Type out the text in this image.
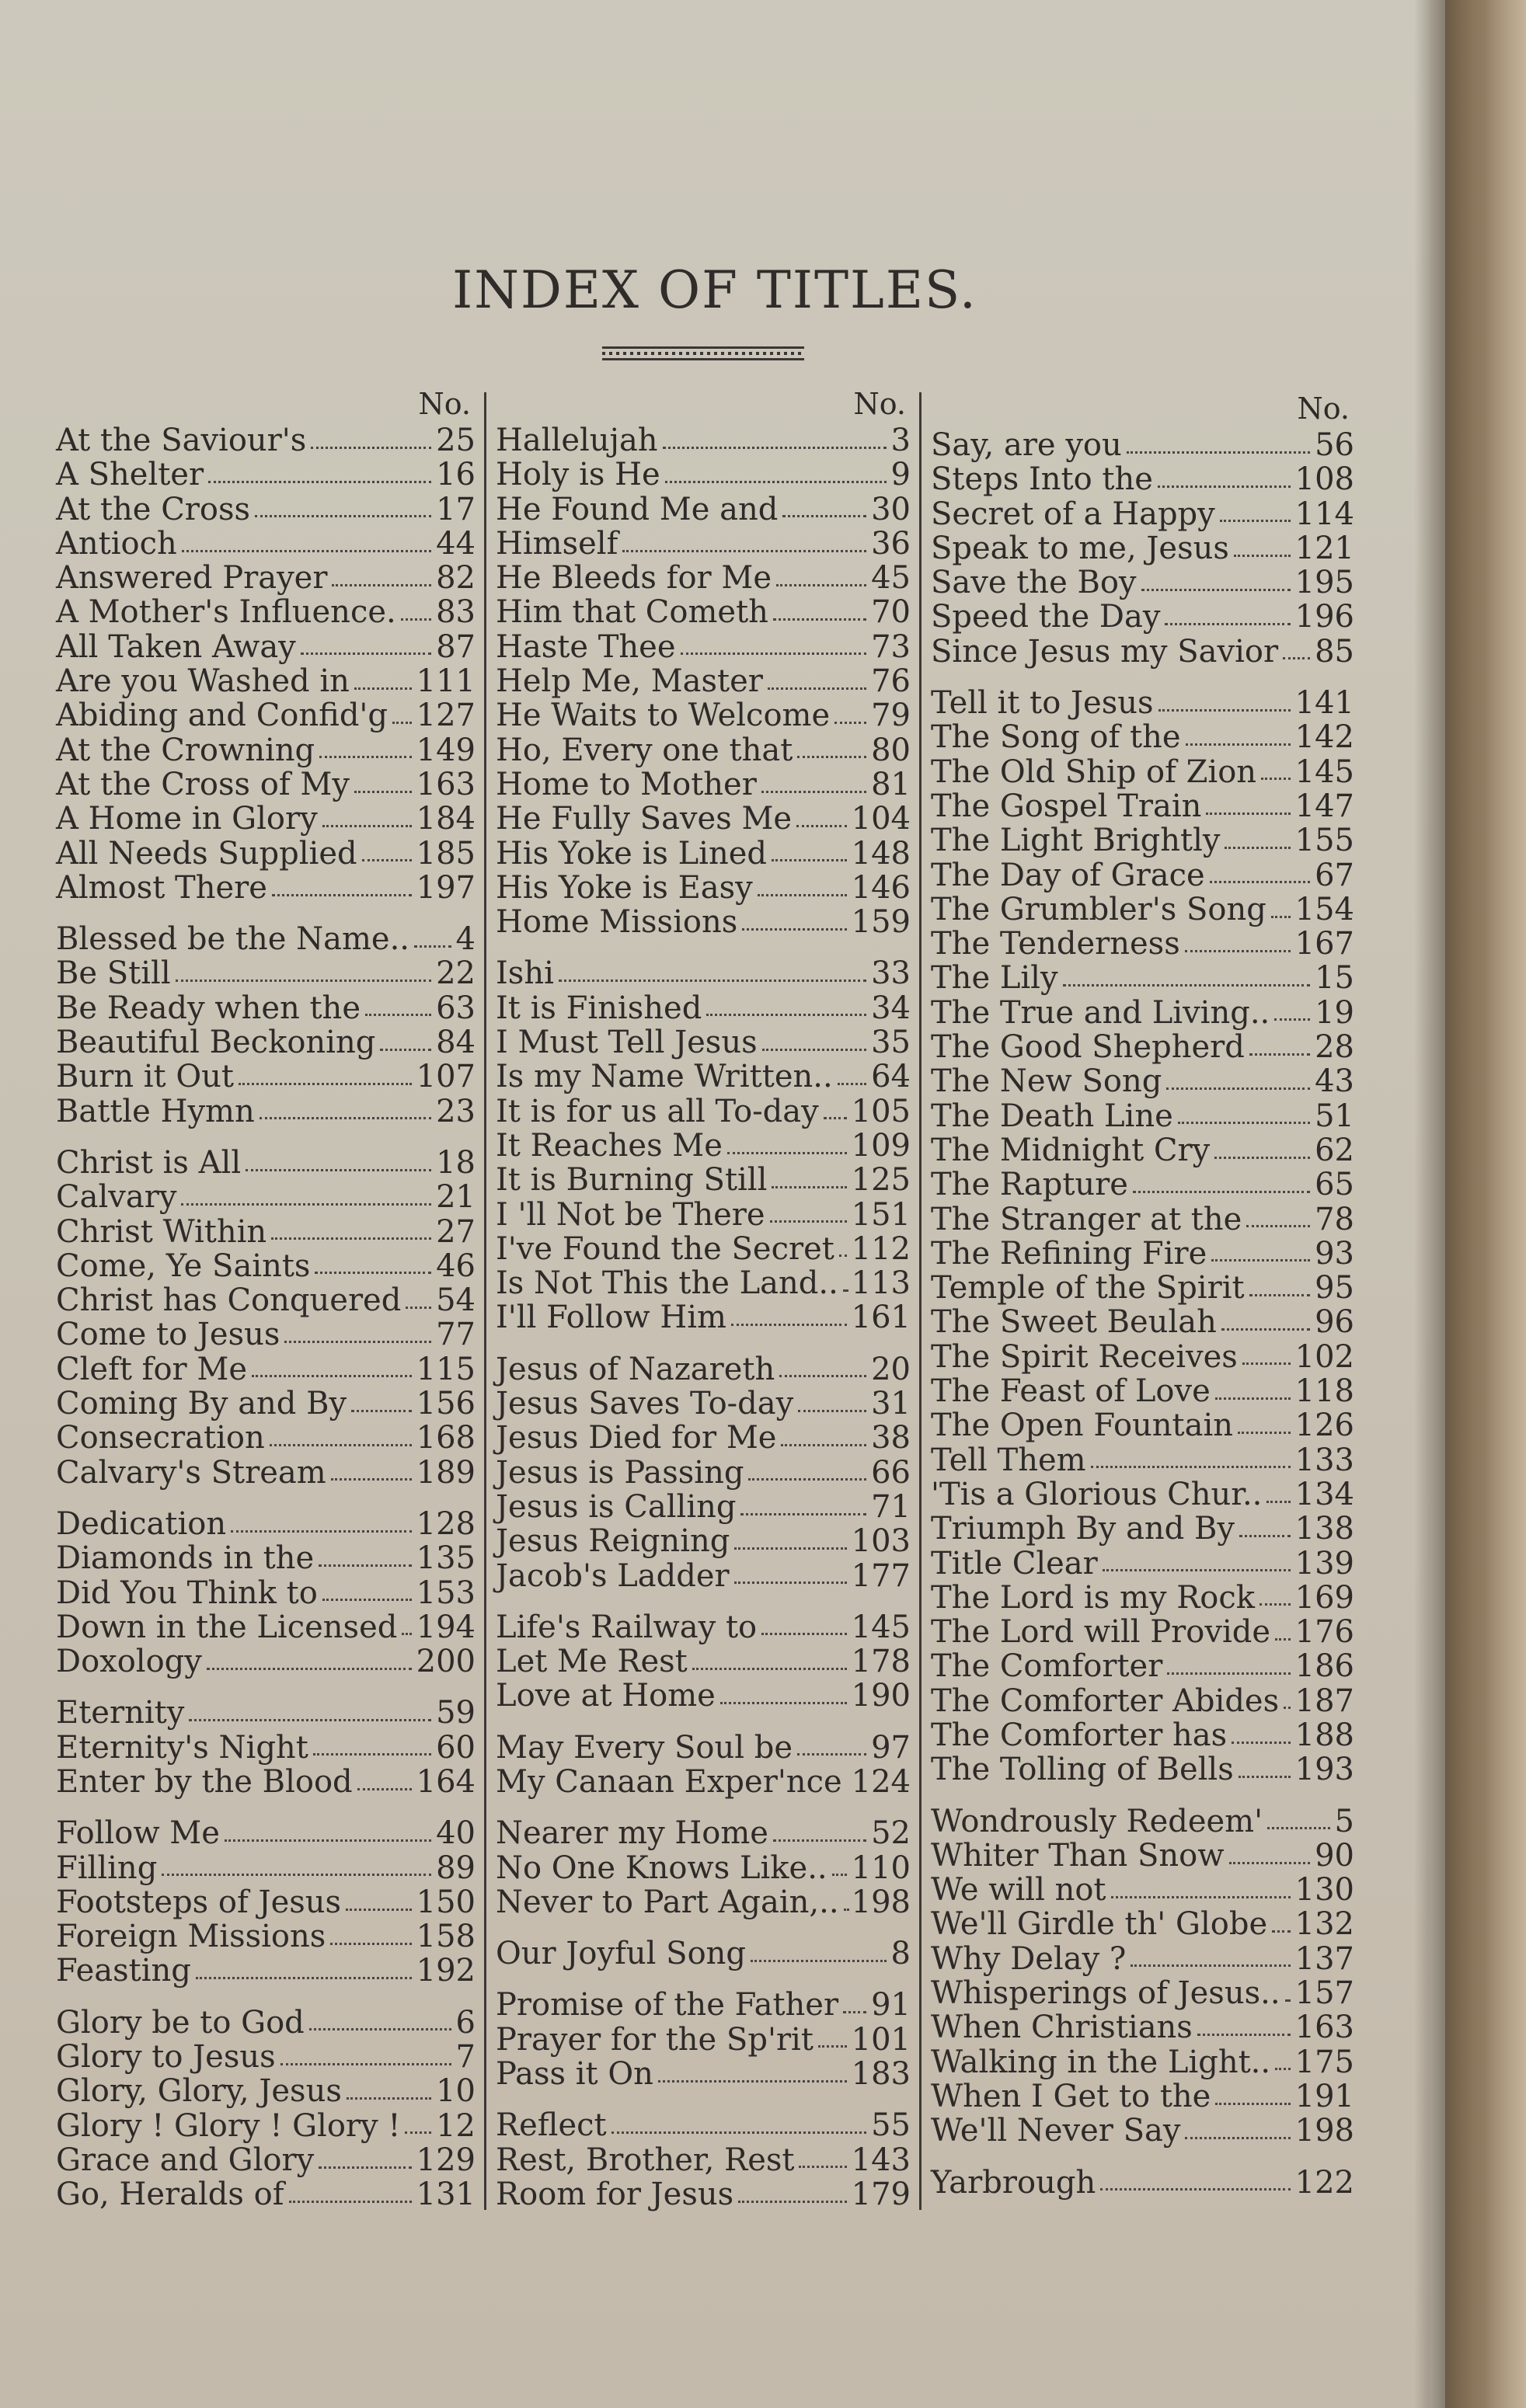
INDEX OF TITLES.
No.
At the Saviour's	25
A Shelter	16
At the Cross	17
Antioch	44
Answered Prayer	82
A Mother's Influence. 83
All Taken Away	87
Are you Washed in 111
Abiding and Confid'g 127
At the Crowning	149
At the Cross of My 163
A Home in Glory	184
All Needs Supplied 185
Almost There	197
Blessed be the Name.. 4
Be Still	22
Be Ready when the 63
Beautiful Beckoning 84
Burn it Out	107
Battle Hymn	23
Christ is All	18
Calvary	21
Christ Within	27
Come, Ye Saints	46
Christ has Conquered 54
Come to Jesus	77
Cleft for Me	115
Coming By and By 156
Consecration	168
Calvary's Stream	189
Dedication	128
Diamonds in the	135
Did You Think to	153
Down in the Licensed 194
Doxology	200
Eternity	59
Eternity's Night	60
Enter by the Blood 164
Follow Me	40
Filling	89
Footsteps of Jesus 150
Foreign Missions	158
Feasting	192
Glory be to God	6
Glory to Jesus	7
Glory, Glory, Jesus	10
Glory ! Glory ! Glory ! 12
Grace and Glory	129
Go, Heralds of	131
No.
Hallelujah	3
Holy is He	9
He Found Me and	30
Himself	36
He Bleeds for Me	45
Him that Cometh	70
Haste Thee	73
Help Me, Master	76
He Waits to Welcome 79
Ho, Every one that	80
Home to Mother	81
He Fully Saves Me 104
His Yoke is Lined	148
His Yoke is Easy	146
Home Missions	159
Ishi	33
It is Finished	34
I Must Tell Jesus	35
Is my Name Written.. 64
It is for us all To-day 105
It Reaches Me	109
It is Burning Still	125
I 'll Not be There	151
I've Found the Secret 112
Is Not This the Land.. 113
I'll Follow Him	161
Jesus of Nazareth	20
Jesus Saves To-day 31
Jesus Died for Me	38
Jesus is Passing	66
Jesus is Calling	71
Jesus Reigning	103
Jacob's Ladder	177
Life's Railway to	145
Let Me Rest	178
Love at Home	190
May Every Soul be	97
My Canaan Exper'nce 124
Nearer my Home	52
No One Knows Like.. 110
Never to Part Again,.. 198
Our Joyful Song	8
Promise of the Father 91
Prayer for the Sp'rit 101
Pass it On	183
Reflect	55
Rest, Brother, Rest 143
Room for Jesus	179
No.
Say, are you	56
Steps Into the	108
Secret of a Happy	114
Speak to me, Jesus 121
Save the Boy	195
Speed the Day	196
Since Jesus my Savior 85
Tell it to Jesus	141
The Song of the	142
The Old Ship of Zion 145
The Gospel Train	147
The Light Brightly 155
The Day of Grace	67
The Grumbler's Song 154
The Tenderness	167
The Lily	15
The True and Living.. 19
The Good Shepherd 28
The New Song	43
The Death Line	51
The Midnight Cry	62
The Rapture	65
The Stranger at the 78
The Refining Fire	93
Temple of the Spirit 95
The Sweet Beulah	96
The Spirit Receives 102
The Feast of Love	118
The Open Fountain 126
Tell Them	133
'Tis a Glorious Chur.. 134
Triumph By and By 138
Title Clear	139
The Lord is my Rock 169
The Lord will Provide 176
The Comforter	186
The Comforter Abides 187
The Comforter has 188
The Tolling of Bells 193
Wondrously Redeem' 5
Whiter Than Snow	90
We will not	130
We'll Girdle th' Globe 132
Why Delay ?	137
Whisperings of Jesus.. 157
When Christians	163
Walking in the Light.. 175
When I Get to the	191
We'll Never Say	198
Yarbrough	122
